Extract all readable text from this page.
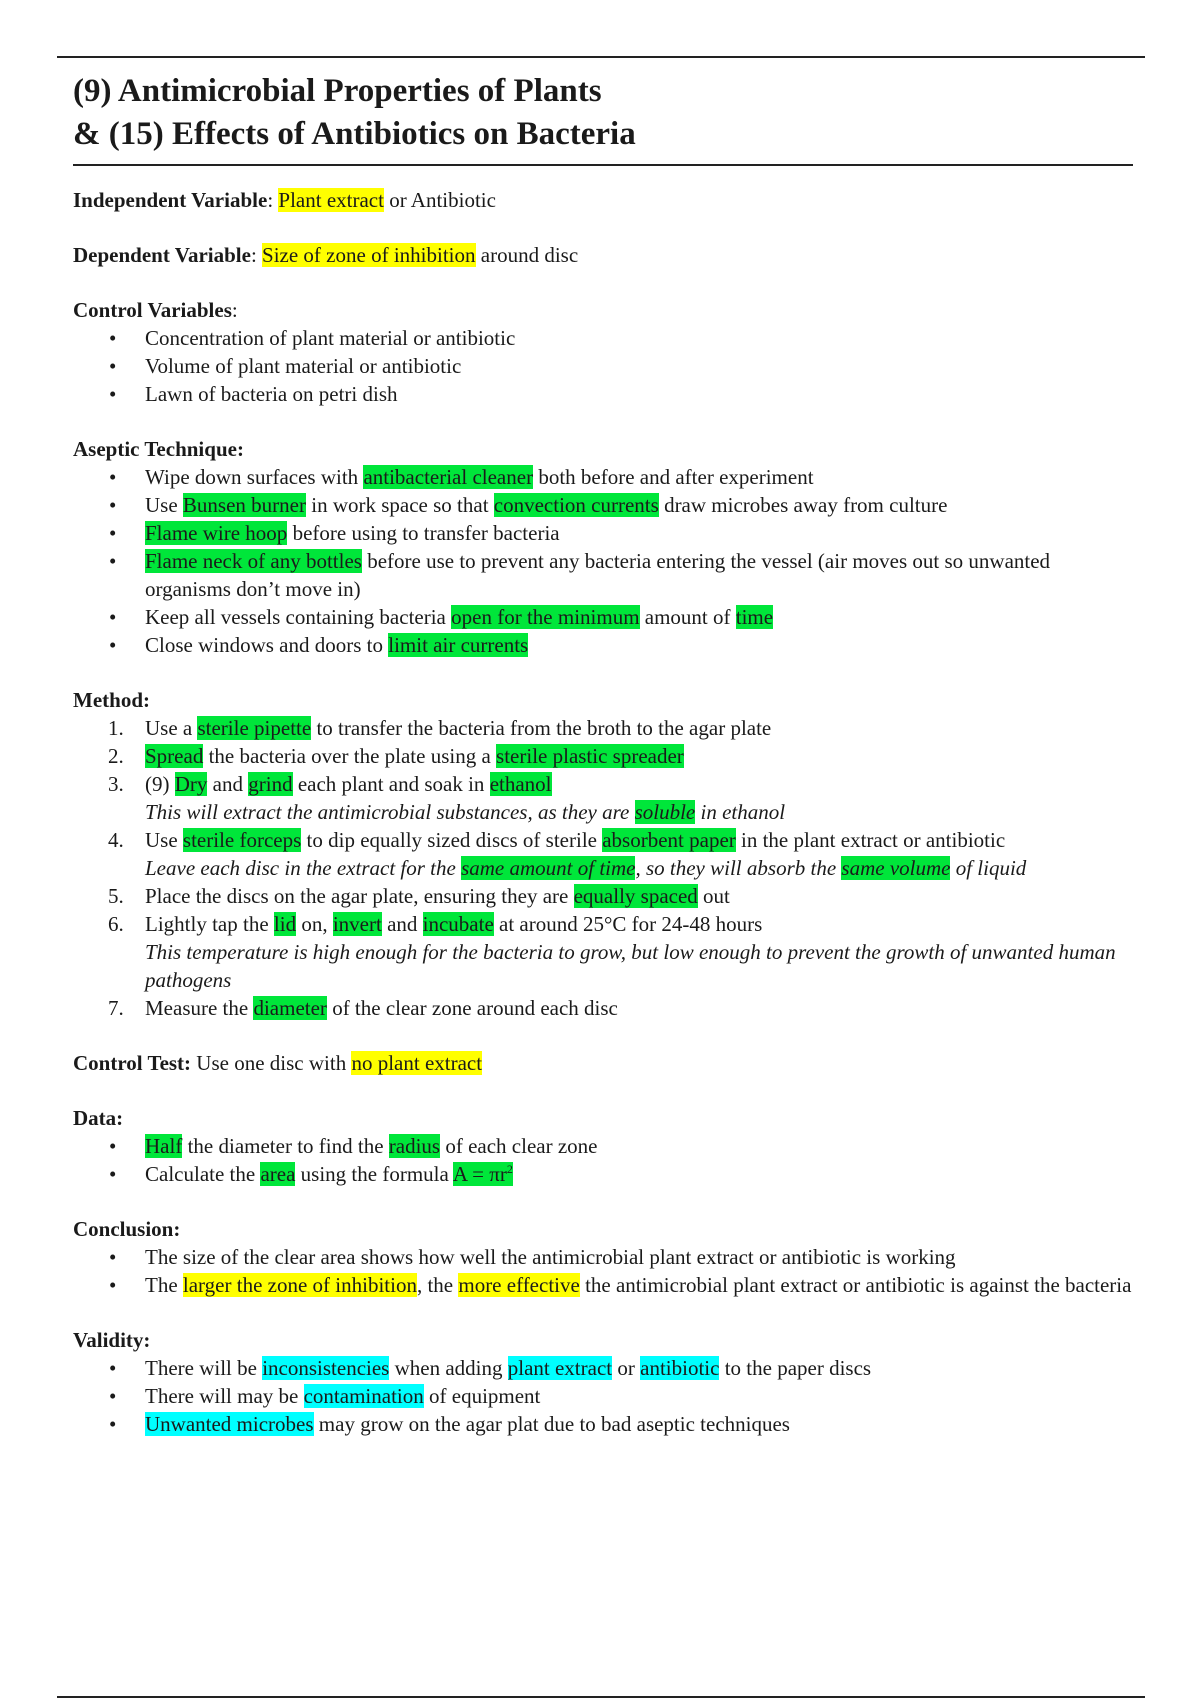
(9) Antimicrobial Properties of Plants
& (15) Effects of Antibiotics on Bacteria

Independent Variable: Plant extract or Antibiotic

Dependent Variable: Size of zone of inhibition around disc

Control Variables:
• Concentration of plant material or antibiotic
• Volume of plant material or antibiotic
• Lawn of bacteria on petri dish
Aseptic Technique:
• Wipe down surfaces with antibacterial cleaner both before and after experiment
• Use Bunsen burner in work space so that convection currents draw microbes away from culture
• Flame wire hoop before using to transfer bacteria
• Flame neck of any bottles before use to prevent any bacteria entering the vessel (air moves out so unwanted organisms don’t move in)
• Keep all vessels containing bacteria open for the minimum amount of time
• Close windows and doors to limit air currents
Method:
1. Use a sterile pipette to transfer the bacteria from the broth to the agar plate
2. Spread the bacteria over the plate using a sterile plastic spreader
3. (9) Dry and grind each plant and soak in ethanol
This will extract the antimicrobial substances, as they are soluble in ethanol
4. Use sterile forceps to dip equally sized discs of sterile absorbent paper in the plant extract or antibiotic
Leave each disc in the extract for the same amount of time, so they will absorb the same volume of liquid
5. Place the discs on the agar plate, ensuring they are equally spaced out
6. Lightly tap the lid on, invert and incubate at around 25°C for 24-48 hours
This temperature is high enough for the bacteria to grow, but low enough to prevent the growth of unwanted human pathogens
7. Measure the diameter of the clear zone around each disc

Control Test: Use one disc with no plant extract

Data:
• Half the diameter to find the radius of each clear zone
• Calculate the area using the formula $A = \pi r^2$
Conclusion:
• The size of the clear area shows how well the antimicrobial plant extract or antibiotic is working
• The larger the zone of inhibition, the more effective the antimicrobial plant extract or antibiotic is against the bacteria
Validity:
• There will be inconsistencies when adding plant extract or antibiotic to the paper discs
• There will may be contamination of equipment
• Unwanted microbes may grow on the agar plat due to bad aseptic techniques
